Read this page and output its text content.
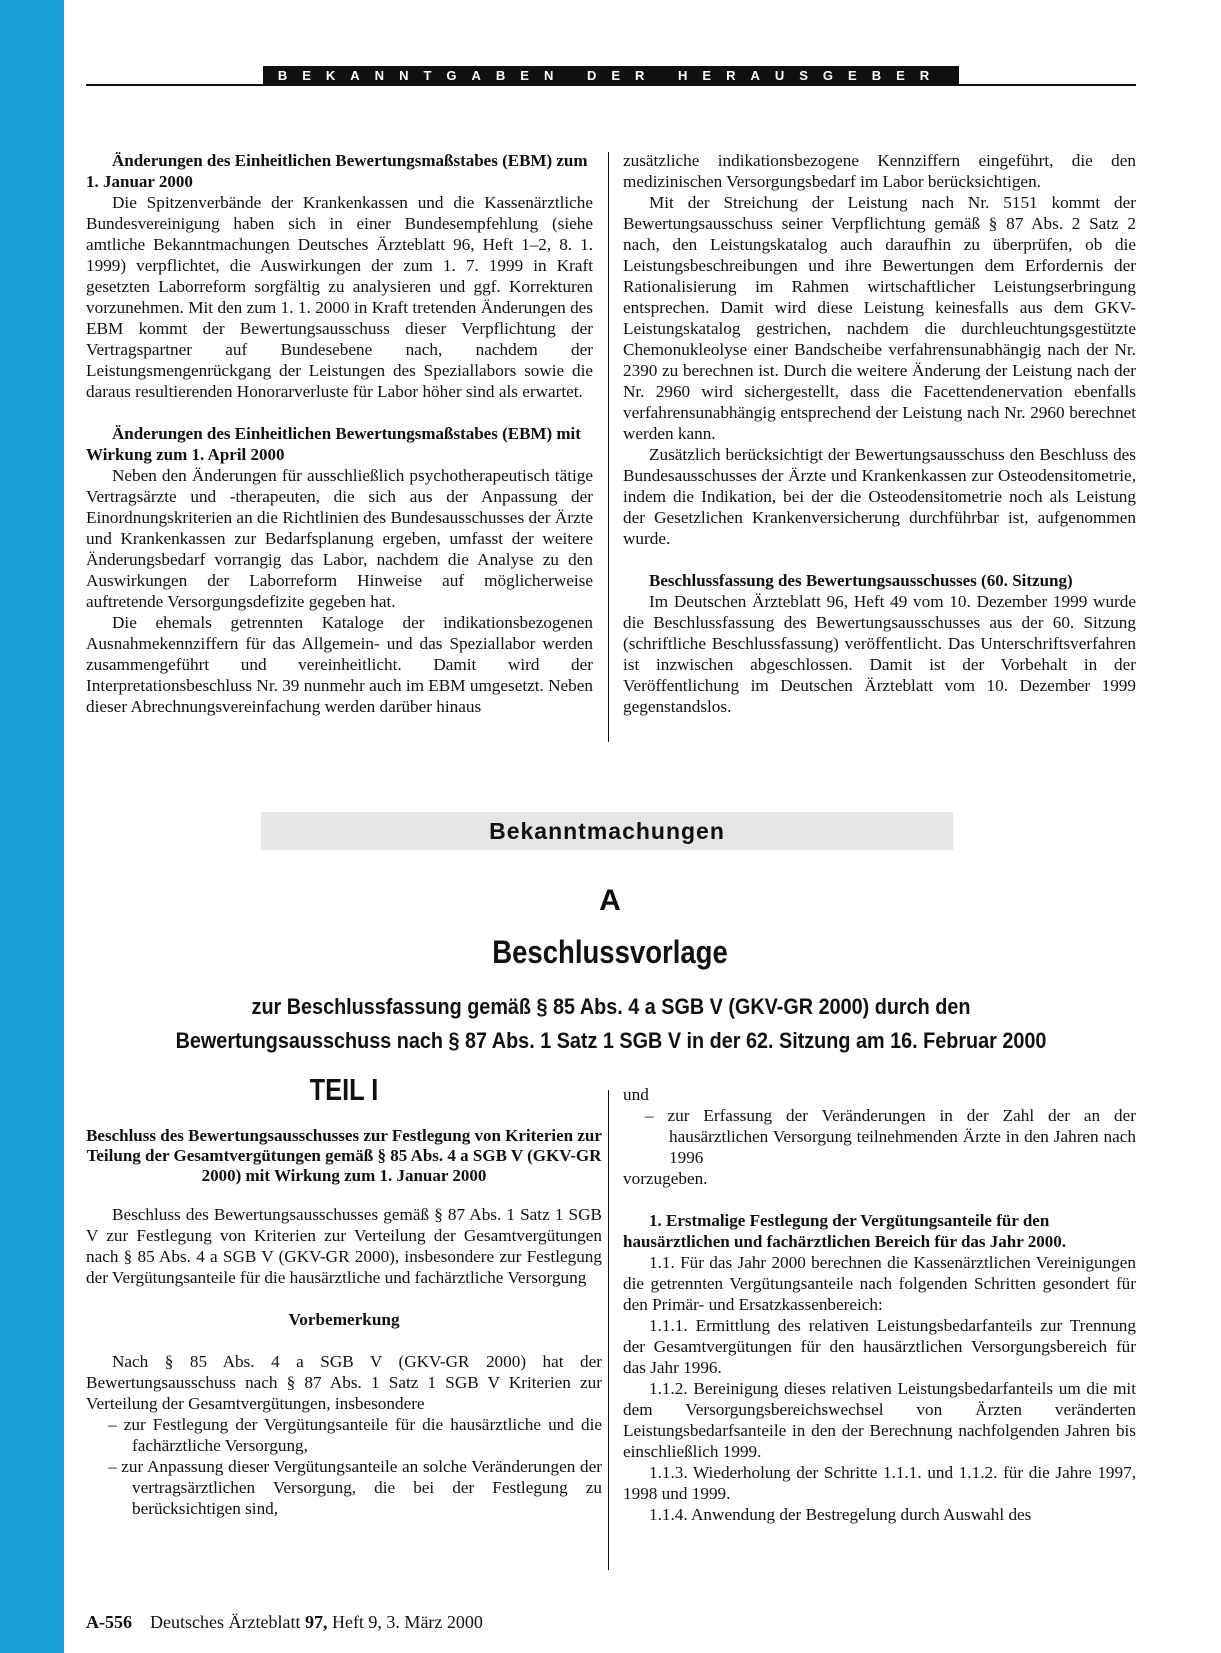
BEKANNTGABEN DER HERAUSGEBER
Änderungen des Einheitlichen Bewertungsmaßstabes (EBM) zum 1. Januar 2000

Die Spitzenverbände der Krankenkassen und die Kassenärztliche Bundesvereinigung haben sich in einer Bundesempfehlung (siehe amtliche Bekanntmachungen Deutsches Ärzteblatt 96, Heft 1–2, 8. 1. 1999) verpflichtet, die Auswirkungen der zum 1. 7. 1999 in Kraft gesetzten Laborreform sorgfältig zu analysieren und ggf. Korrekturen vorzunehmen. Mit den zum 1. 1. 2000 in Kraft tretenden Änderungen des EBM kommt der Bewertungsausschuss dieser Verpflichtung der Vertragspartner auf Bundesebene nach, nachdem der Leistungsmengenrückgang der Leistungen des Speziallabors sowie die daraus resultierenden Honorarverluste für Labor höher sind als erwartet.

Änderungen des Einheitlichen Bewertungsmaßstabes (EBM) mit Wirkung zum 1. April 2000

Neben den Änderungen für ausschließlich psychotherapeutisch tätige Vertragsärzte und -therapeuten, die sich aus der Anpassung der Einordnungskriterien an die Richtlinien des Bundesausschusses der Ärzte und Krankenkassen zur Bedarfsplanung ergeben, umfasst der weitere Änderungsbedarf vorrangig das Labor, nachdem die Analyse zu den Auswirkungen der Laborreform Hinweise auf möglicherweise auftretende Versorgungsdefizite gegeben hat.

Die ehemals getrennten Kataloge der indikationsbezogenen Ausnahmekennziffern für das Allgemein- und das Speziallabor werden zusammengeführt und vereinheitlicht. Damit wird der Interpretationsbeschluss Nr. 39 nunmehr auch im EBM umgesetzt. Neben dieser Abrechnungsvereinfachung werden darüber hinaus

zusätzliche indikationsbezogene Kennziffern eingeführt, die den medizinischen Versorgungsbedarf im Labor berücksichtigen.

Mit der Streichung der Leistung nach Nr. 5151 kommt der Bewertungsausschuss seiner Verpflichtung gemäß § 87 Abs. 2 Satz 2 nach, den Leistungskatalog auch daraufhin zu überprüfen, ob die Leistungsbeschreibungen und ihre Bewertungen dem Erfordernis der Rationalisierung im Rahmen wirtschaftlicher Leistungserbringung entsprechen. Damit wird diese Leistung keinesfalls aus dem GKV-Leistungskatalog gestrichen, nachdem die durchleuchtungsgestützte Chemonukleolyse einer Bandscheibe verfahrensunabhängig nach der Nr. 2390 zu berechnen ist. Durch die weitere Änderung der Leistung nach der Nr. 2960 wird sichergestellt, dass die Facettendenervation ebenfalls verfahrensunabhängig entsprechend der Leistung nach Nr. 2960 berechnet werden kann.

Zusätzlich berücksichtigt der Bewertungsausschuss den Beschluss des Bundesausschusses der Ärzte und Krankenkassen zur Osteodensitometrie, indem die Indikation, bei der die Osteodensitometrie noch als Leistung der Gesetzlichen Krankenversicherung durchführbar ist, aufgenommen wurde.

Beschlussfassung des Bewertungsausschusses (60. Sitzung)

Im Deutschen Ärzteblatt 96, Heft 49 vom 10. Dezember 1999 wurde die Beschlussfassung des Bewertungsausschusses aus der 60. Sitzung (schriftliche Beschlussfassung) veröffentlicht. Das Unterschriftsverfahren ist inzwischen abgeschlossen. Damit ist der Vorbehalt in der Veröffentlichung im Deutschen Ärzteblatt vom 10. Dezember 1999 gegenstandslos.

Bekanntmachungen
A
Beschlussvorlage
zur Beschlussfassung gemäß § 85 Abs. 4 a SGB V (GKV-GR 2000) durch den
Bewertungsausschuss nach § 87 Abs. 1 Satz 1 SGB V in der 62. Sitzung am 16. Februar 2000
TEIL I
Beschluss des Bewertungsausschusses zur Festlegung von Kriterien zur Teilung der Gesamtvergütungen gemäß § 85 Abs. 4 a SGB V (GKV-GR 2000) mit Wirkung zum 1. Januar 2000

Beschluss des Bewertungsausschusses gemäß § 87 Abs. 1 Satz 1 SGB V zur Festlegung von Kriterien zur Verteilung der Gesamtvergütungen nach § 85 Abs. 4 a SGB V (GKV-GR 2000), insbesondere zur Festlegung der Vergütungsanteile für die hausärztliche und fachärztliche Versorgung

Vorbemerkung

Nach § 85 Abs. 4 a SGB V (GKV-GR 2000) hat der Bewertungsausschuss nach § 87 Abs. 1 Satz 1 SGB V Kriterien zur Verteilung der Gesamtvergütungen, insbesondere

– zur Festlegung der Vergütungsanteile für die hausärztliche und die fachärztliche Versorgung,

– zur Anpassung dieser Vergütungsanteile an solche Veränderungen der vertragsärztlichen Versorgung, die bei der Festlegung zu berücksichtigen sind,

und

– zur Erfassung der Veränderungen in der Zahl der an der hausärztlichen Versorgung teilnehmenden Ärzte in den Jahren nach 1996

vorzugeben.

1. Erstmalige Festlegung der Vergütungsanteile für den hausärztlichen und fachärztlichen Bereich für das Jahr 2000.

1.1. Für das Jahr 2000 berechnen die Kassenärztlichen Vereinigungen die getrennten Vergütungsanteile nach folgenden Schritten gesondert für den Primär- und Ersatzkassenbereich:

1.1.1. Ermittlung des relativen Leistungsbedarfanteils zur Trennung der Gesamtvergütungen für den hausärztlichen Versorgungsbereich für das Jahr 1996.

1.1.2. Bereinigung dieses relativen Leistungsbedarfanteils um die mit dem Versorgungsbereichswechsel von Ärzten veränderten Leistungsbedarfsanteile in den der Berechnung nachfolgenden Jahren bis einschließlich 1999.

1.1.3. Wiederholung der Schritte 1.1.1. und 1.1.2. für die Jahre 1997, 1998 und 1999.

1.1.4. Anwendung der Bestregelung durch Auswahl des

A-556 Deutsches Ärzteblatt 97, Heft 9, 3. März 2000
